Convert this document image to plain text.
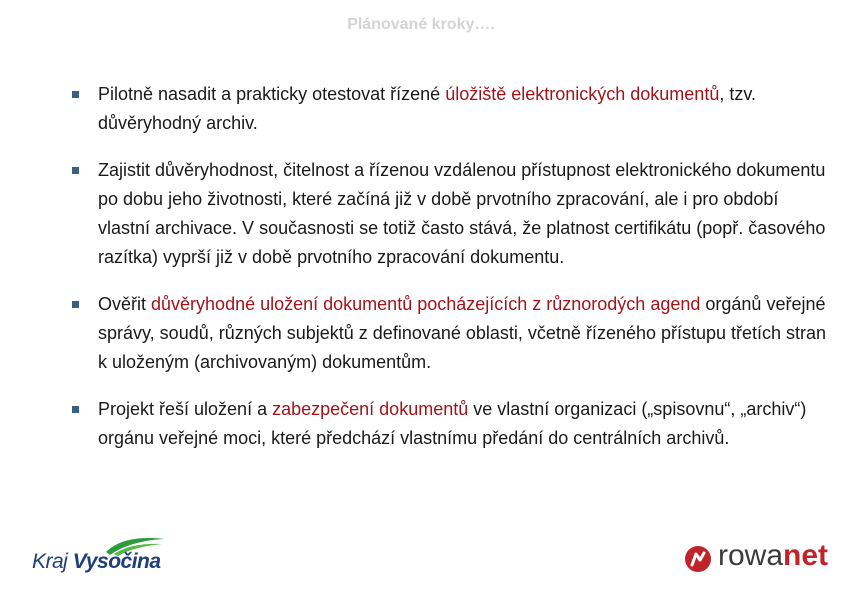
Plánované kroky….
Pilotně nasadit a prakticky otestovat řízené úložiště elektronických dokumentů, tzv. důvěryhodný archiv.
Zajistit důvěryhodnost, čitelnost a řízenou vzdálenou přístupnost elektronického dokumentu po dobu jeho životnosti, které začíná již v době prvotního zpracování, ale i pro období vlastní archivace. V současnosti se totiž často stává, že platnost certifikátu (popř. časového razítka) vyprší již v době prvotního zpracování dokumentu.
Ověřit důvěryhodné uložení dokumentů pocházejících z různorodých agend orgánů veřejné správy, soudů, různých subjektů z definované oblasti, včetně řízeného přístupu třetích stran k uloženým (archivovaným) dokumentům.
Projekt řeší uložení a zabezpečení dokumentů ve vlastní organizaci („spisovnu“, „archiv“) orgánu veřejné moci, které předchází vlastnímu předání do centrálních archivů.
Kraj Vysočina	rowanet
